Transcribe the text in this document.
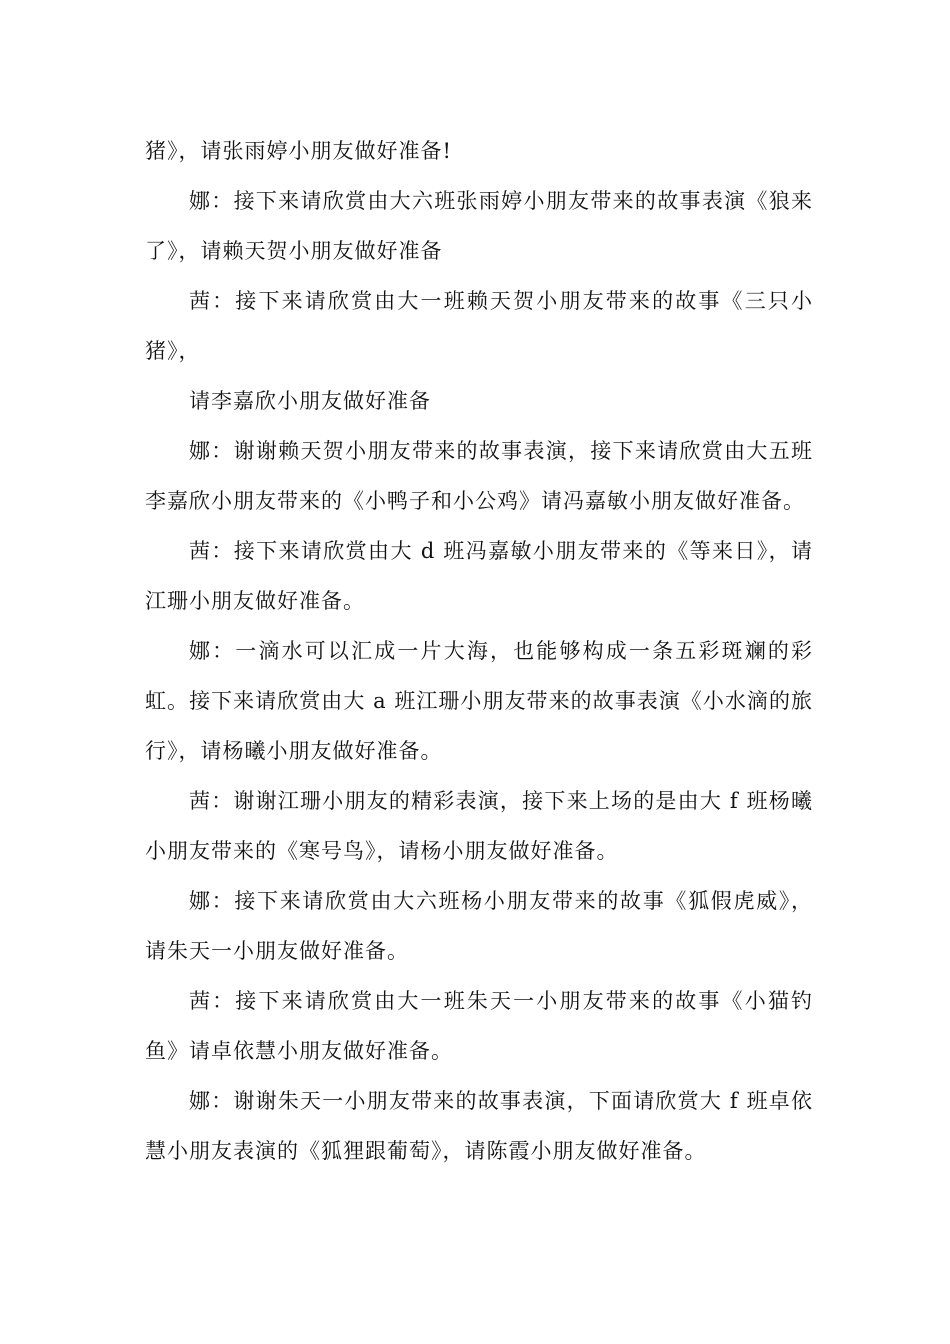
猪》，请张雨婷小朋友做好准备!

娜：接下来请欣赏由大六班张雨婷小朋友带来的故事表演《狼来了》，请赖天贺小朋友做好准备

茜：接下来请欣赏由大一班赖天贺小朋友带来的故事《三只小猪》，

请李嘉欣小朋友做好准备

娜：谢谢赖天贺小朋友带来的故事表演，接下来请欣赏由大五班李嘉欣小朋友带来的《小鸭子和小公鸡》请冯嘉敏小朋友做好准备。

茜：接下来请欣赏由大 d 班冯嘉敏小朋友带来的《等来日》，请江珊小朋友做好准备。

娜：一滴水可以汇成一片大海，也能够构成一条五彩斑斓的彩虹。接下来请欣赏由大 a 班江珊小朋友带来的故事表演《小水滴的旅行》，请杨曦小朋友做好准备。

茜：谢谢江珊小朋友的精彩表演，接下来上场的是由大 f 班杨曦小朋友带来的《寒号鸟》，请杨小朋友做好准备。

娜：接下来请欣赏由大六班杨小朋友带来的故事《狐假虎威》，请朱天一小朋友做好准备。

茜：接下来请欣赏由大一班朱天一小朋友带来的故事《小猫钓鱼》请卓依慧小朋友做好准备。

娜：谢谢朱天一小朋友带来的故事表演，下面请欣赏大 f 班卓依慧小朋友表演的《狐狸跟葡萄》，请陈霞小朋友做好准备。
